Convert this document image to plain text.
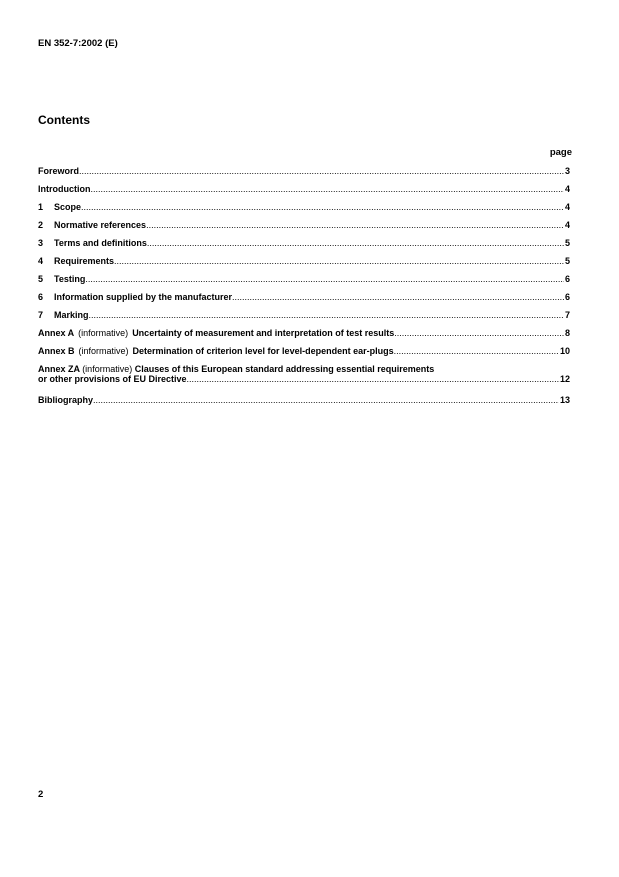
EN 352-7:2002 (E)
Contents
page
Foreword .....	3
Introduction .....	4
1	Scope .....	4
2	Normative references .....	4
3	Terms and definitions .....	5
4	Requirements .....	5
5	Testing .....	6
6	Information supplied by the manufacturer .....	6
7	Marking .....	7
Annex A (informative) Uncertainty of measurement and interpretation of test results .....	8
Annex B (informative) Determination of criterion level for level-dependent ear-plugs .....	10
Annex ZA (informative) Clauses of this European standard addressing essential requirements
or other provisions of EU Directive .....	12
Bibliography .....	13
2
